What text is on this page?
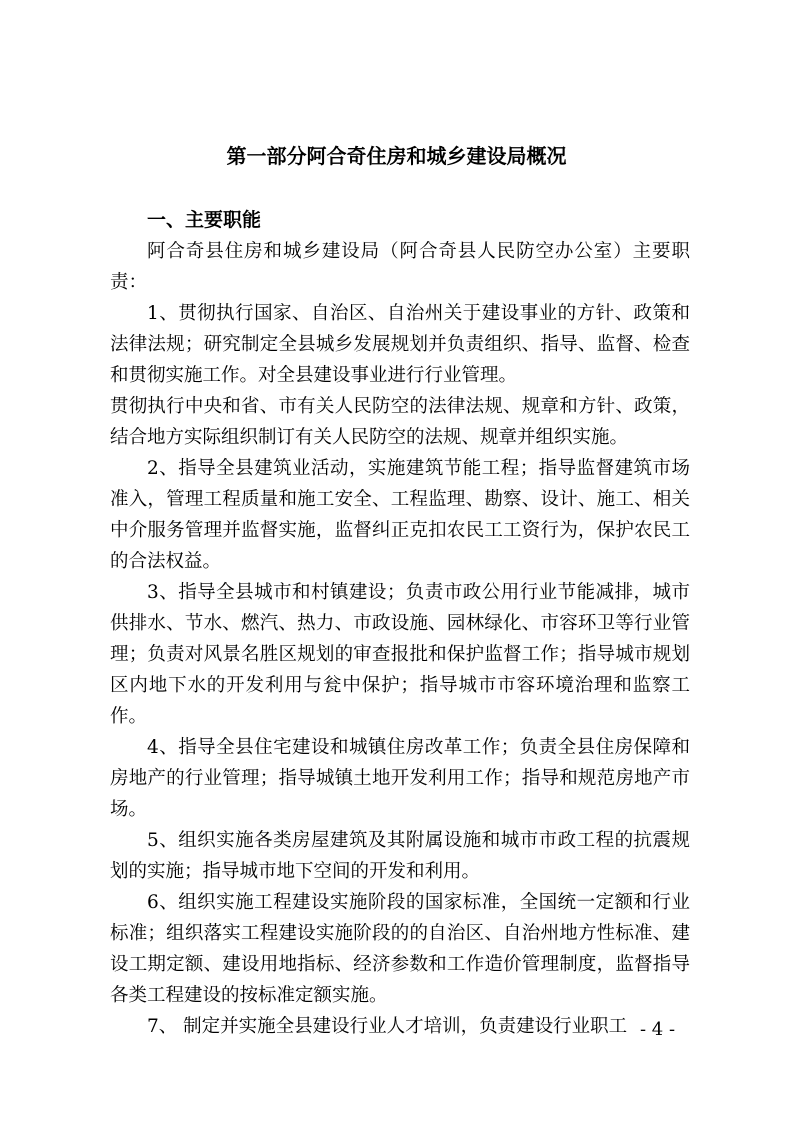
第一部分阿合奇住房和城乡建设局概况
一、主要职能

阿合奇县住房和城乡建设局（阿合奇县人民防空办公室）主要职责：

1、贯彻执行国家、自治区、自治州关于建设事业的方针、政策和法律法规；研究制定全县城乡发展规划并负责组织、指导、监督、检查和贯彻实施工作。对全县建设事业进行行业管理。

贯彻执行中央和省、市有关人民防空的法律法规、规章和方针、政策，结合地方实际组织制订有关人民防空的法规、规章并组织实施。

2、指导全县建筑业活动，实施建筑节能工程；指导监督建筑市场准入，管理工程质量和施工安全、工程监理、勘察、设计、施工、相关中介服务管理并监督实施，监督纠正克扣农民工工资行为，保护农民工的合法权益。

3、指导全县城市和村镇建设；负责市政公用行业节能减排，城市供排水、节水、燃汽、热力、市政设施、园林绿化、市容环卫等行业管理；负责对风景名胜区规划的审查报批和保护监督工作；指导城市规划区内地下水的开发利用与瓮中保护；指导城市市容环境治理和监察工作。

4、指导全县住宅建设和城镇住房改革工作；负责全县住房保障和房地产的行业管理；指导城镇土地开发利用工作；指导和规范房地产市场。

5、组织实施各类房屋建筑及其附属设施和城市市政工程的抗震规划的实施；指导城市地下空间的开发和利用。

6、组织实施工程建设实施阶段的国家标准，全国统一定额和行业标准；组织落实工程建设实施阶段的的自治区、自治州地方性标准、建设工期定额、建设用地指标、经济参数和工作造价管理制度，监督指导各类工程建设的按标准定额实施。

7、 制定并实施全县建设行业人才培训，负责建设行业职工 - 4 -
